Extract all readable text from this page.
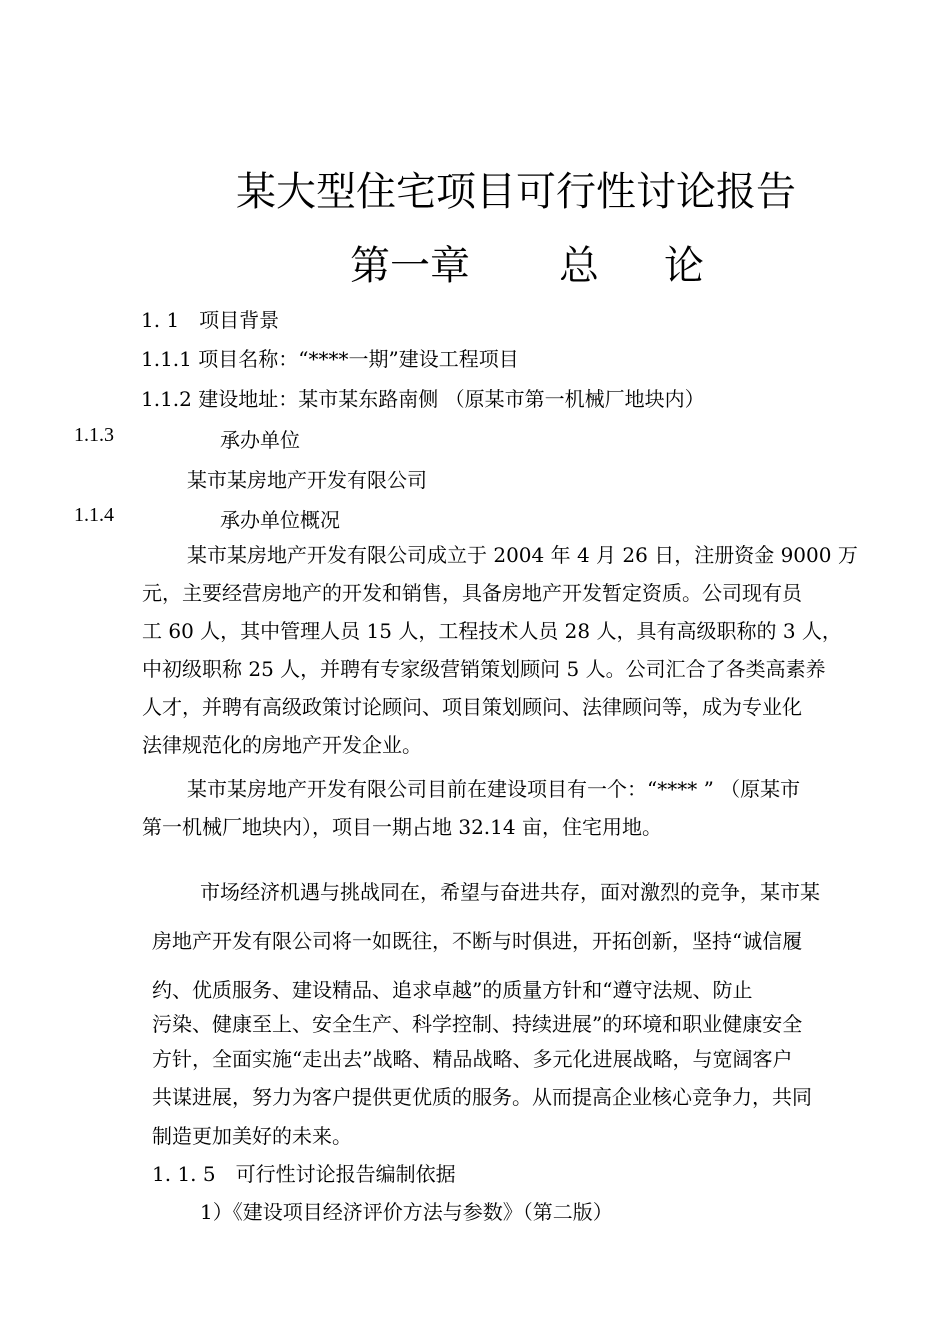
某大型住宅项目可行性讨论报告
第一章 总 论
1. 1　项目背景
1.1.1 项目名称：“****一期”建设工程项目
1.1.2 建设地址：某市某东路南侧 （原某市第一机械厂地块内）
1.1.3	承办单位
某市某房地产开发有限公司
1.1.4	承办单位概况

某市某房地产开发有限公司成立于 2004 年 4 月 26 日，注册资金 9000 万

元，主要经营房地产的开发和销售，具备房地产开发暂定资质。公司现有员

工 60 人，其中管理人员 15 人，工程技术人员 28 人，具有高级职称的 3 人，

中初级职称 25 人，并聘有专家级营销策划顾问 5 人。公司汇合了各类高素养

人才，并聘有高级政策讨论顾问、项目策划顾问、法律顾问等，成为专业化

法律规范化的房地产开发企业。

某市某房地产开发有限公司目前在建设项目有一个：“**** ” （原某市

第一机械厂地块内），项目一期占地 32.14 亩，住宅用地。

市场经济机遇与挑战同在，希望与奋进共存，面对激烈的竞争，某市某
房地产开发有限公司将一如既往，不断与时俱进，开拓创新，坚持“诚信履
约、优质服务、建设精品、追求卓越”的质量方针和“遵守法规、防止
污染、健康至上、安全生产、科学控制、持续进展”的环境和职业健康安全
方针，全面实施“走出去”战略、精品战略、多元化进展战略，与宽阔客户
共谋进展，努力为客户提供更优质的服务。从而提高企业核心竞争力，共同
制造更加美好的未来。
1. 1. 5　可行性讨论报告编制依据
1）《建设项目经济评价方法与参数》（第二版）
